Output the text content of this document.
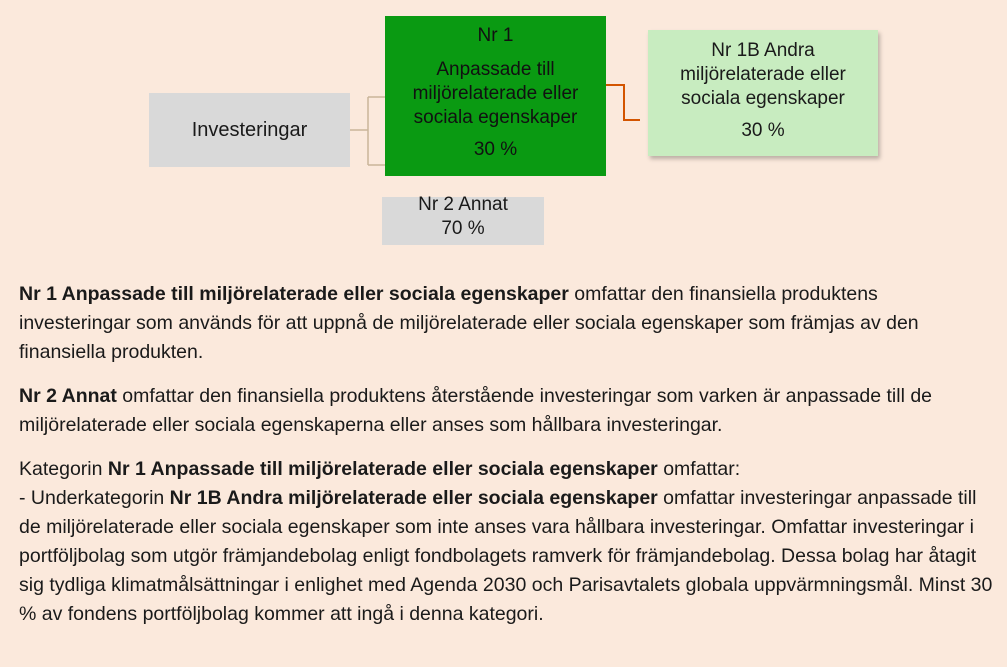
Investeringar
Nr 1
Anpassade till miljörelaterade eller sociala egenskaper
30 %
Nr 1B Andra miljörelaterade eller sociala egenskaper
30 %
Nr 2 Annat
70 %

Nr 1 Anpassade till miljörelaterade eller sociala egenskaper omfattar den finansiella produktens investeringar som används för att uppnå de miljörelaterade eller sociala egenskaper som främjas av den finansiella produkten.

Nr 2 Annat omfattar den finansiella produktens återstående investeringar som varken är anpassade till de miljörelaterade eller sociala egenskaperna eller anses som hållbara investeringar.

Kategorin Nr 1 Anpassade till miljörelaterade eller sociala egenskaper omfattar:

- Underkategorin Nr 1B Andra miljörelaterade eller sociala egenskaper omfattar investeringar anpassade till de miljörelaterade eller sociala egenskaper som inte anses vara hållbara investeringar. Omfattar investeringar i portföljbolag som utgör främjandebolag enligt fondbolagets ramverk för främjandebolag. Dessa bolag har åtagit sig tydliga klimatmålsättningar i enlighet med Agenda 2030 och Parisavtalets globala uppvärmningsmål. Minst 30 % av fondens portföljbolag kommer att ingå i denna kategori.
